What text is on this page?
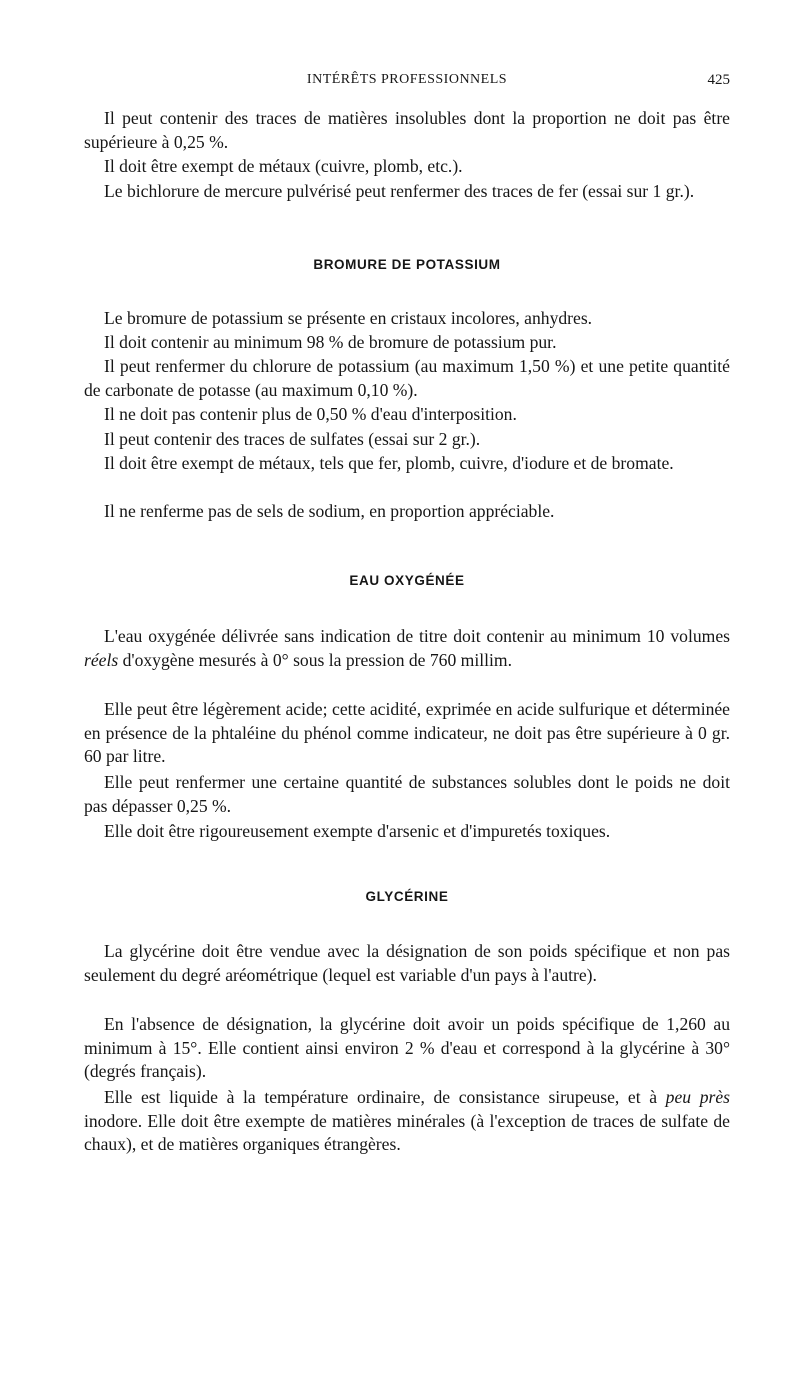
INTÉRÊTS PROFESSIONNELS	425

Il peut contenir des traces de matières insolubles dont la proportion ne doit pas être supérieure à 0,25 %.

Il doit être exempt de métaux (cuivre, plomb, etc.).

Le bichlorure de mercure pulvérisé peut renfermer des traces de fer (essai sur 1 gr.).

BROMURE DE POTASSIUM

Le bromure de potassium se présente en cristaux incolores, anhydres.

Il doit contenir au minimum 98 % de bromure de potassium pur.

Il peut renfermer du chlorure de potassium (au maximum 1,50 %) et une petite quantité de carbonate de potasse (au maximum 0,10 %).

Il ne doit pas contenir plus de 0,50 % d'eau d'interposition.

Il peut contenir des traces de sulfates (essai sur 2 gr.).

Il doit être exempt de métaux, tels que fer, plomb, cuivre, d'iodure et de bromate.

Il ne renferme pas de sels de sodium, en proportion appréciable.

EAU OXYGÉNÉE

L'eau oxygénée délivrée sans indication de titre doit contenir au minimum 10 volumes réels d'oxygène mesurés à 0° sous la pression de 760 millim.

Elle peut être légèrement acide; cette acidité, exprimée en acide sulfurique et déterminée en présence de la phtaléine du phénol comme indicateur, ne doit pas être supérieure à 0 gr. 60 par litre.

Elle peut renfermer une certaine quantité de substances solubles dont le poids ne doit pas dépasser 0,25 %.

Elle doit être rigoureusement exempte d'arsenic et d'impuretés toxiques.

GLYCÉRINE

La glycérine doit être vendue avec la désignation de son poids spécifique et non pas seulement du degré aréométrique (lequel est variable d'un pays à l'autre).

En l'absence de désignation, la glycérine doit avoir un poids spécifique de 1,260 au minimum à 15°. Elle contient ainsi environ 2 % d'eau et correspond à la glycérine à 30° (degrés français).

Elle est liquide à la température ordinaire, de consistance sirupeuse, et à peu près inodore. Elle doit être exempte de matières minérales (à l'exception de traces de sulfate de chaux), et de matières organiques étrangères.
